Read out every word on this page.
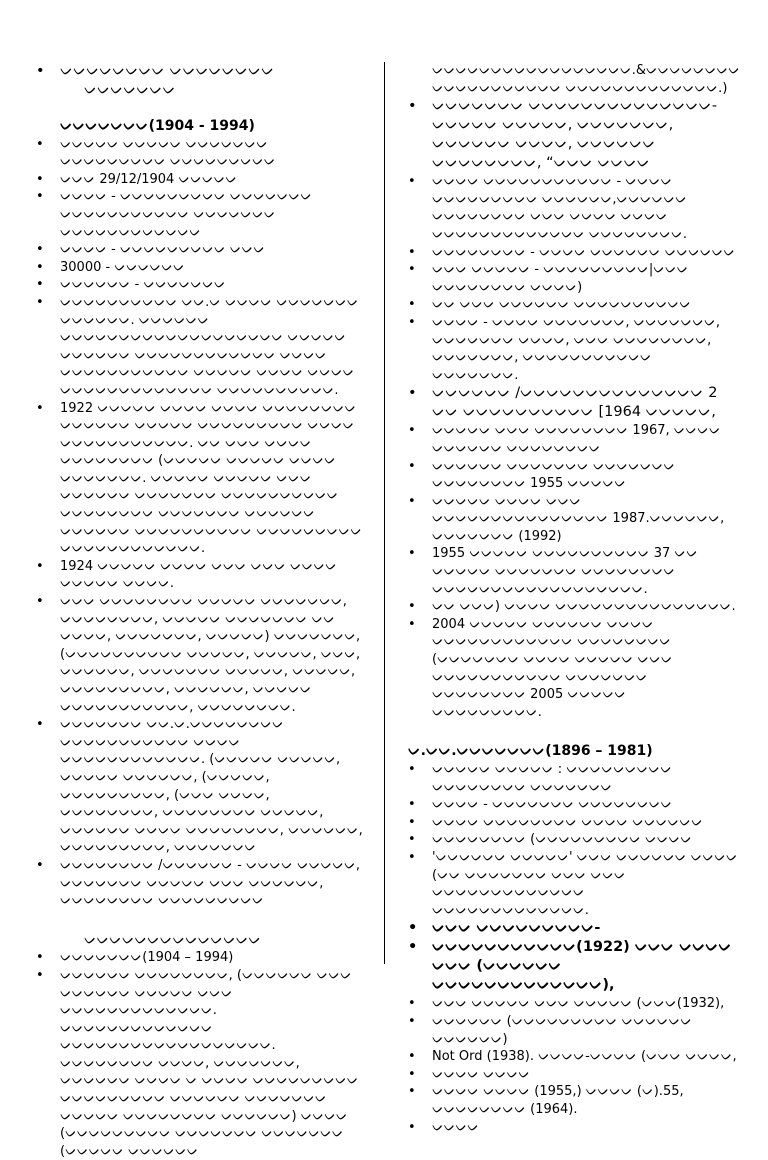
• ᨆᨆᨆᨆᨆᨆᨆᨆ ᨆᨆᨆᨆᨆᨆᨆᨆ
ᨆᨆᨆᨆᨆᨆᨆ
ᨆᨆᨆᨆᨆᨆᨆ(1904 - 1994)
• ᨆᨆᨆᨆᨆ ᨆᨆᨆᨆᨆ ᨆᨆᨆᨆᨆᨆᨆ ᨆᨆᨆᨆᨆᨆᨆᨆᨆ ᨆᨆᨆᨆᨆᨆᨆᨆᨆ
• ᨆᨆᨆ 29/12/1904 ᨆᨆᨆᨆᨆ
• ᨆᨆᨆᨆ - ᨆᨆᨆᨆᨆᨆᨆᨆᨆ ᨆᨆᨆᨆᨆᨆᨆ ᨆᨆᨆᨆᨆᨆᨆᨆᨆᨆᨆ ᨆᨆᨆᨆᨆᨆᨆ ᨆᨆᨆᨆᨆᨆᨆᨆᨆᨆᨆᨆ
• ᨆᨆᨆᨆ - ᨆᨆᨆᨆᨆᨆᨆᨆᨆ ᨆᨆᨆ
• 30000 - ᨆᨆᨆᨆᨆᨆ
• ᨆᨆᨆᨆᨆᨆ - ᨆᨆᨆᨆᨆᨆᨆ
• ᨆᨆᨆᨆᨆᨆᨆᨆᨆᨆ ᨆᨆ.ᨆ ᨆᨆᨆᨆ ᨆᨆᨆᨆᨆᨆᨆ ᨆᨆᨆᨆᨆᨆ. ᨆᨆᨆᨆᨆᨆ ᨆᨆᨆᨆᨆᨆᨆᨆᨆᨆᨆᨆᨆᨆᨆᨆᨆᨆᨆ ᨆᨆᨆᨆᨆ ᨆᨆᨆᨆᨆᨆ ᨆᨆᨆᨆᨆᨆᨆᨆᨆᨆᨆᨆ ᨆᨆᨆᨆ ᨆᨆᨆᨆᨆᨆᨆᨆᨆᨆᨆ ᨆᨆᨆᨆᨆ ᨆᨆᨆᨆ ᨆᨆᨆᨆ ᨆᨆᨆᨆᨆᨆᨆᨆᨆᨆᨆᨆᨆ ᨆᨆᨆᨆᨆᨆᨆᨆᨆᨆ.
• 1922 ᨆᨆᨆᨆᨆ ᨆᨆᨆᨆ ᨆᨆᨆᨆ ᨆᨆᨆᨆᨆᨆᨆᨆ ᨆᨆᨆᨆᨆᨆ ᨆᨆᨆᨆᨆ ᨆᨆᨆᨆᨆᨆᨆᨆᨆ ᨆᨆᨆᨆ ᨆᨆᨆᨆᨆᨆᨆᨆᨆᨆᨆ. ᨆᨆ ᨆᨆᨆ ᨆᨆᨆᨆ ᨆᨆᨆᨆᨆᨆᨆᨆ (ᨆᨆᨆᨆᨆ ᨆᨆᨆᨆᨆ ᨆᨆᨆᨆ ᨆᨆᨆᨆᨆᨆᨆ. ᨆᨆᨆᨆᨆ ᨆᨆᨆᨆᨆ ᨆᨆᨆ ᨆᨆᨆᨆᨆᨆ ᨆᨆᨆᨆᨆᨆᨆ ᨆᨆᨆᨆᨆᨆᨆᨆᨆᨆ ᨆᨆᨆᨆᨆᨆᨆᨆ ᨆᨆᨆᨆᨆᨆᨆ ᨆᨆᨆᨆᨆᨆ ᨆᨆᨆᨆᨆᨆ ᨆᨆᨆᨆᨆᨆᨆᨆᨆᨆ ᨆᨆᨆᨆᨆᨆᨆᨆᨆ ᨆᨆᨆᨆᨆᨆᨆᨆᨆᨆᨆᨆ.
• 1924 ᨆᨆᨆᨆᨆ ᨆᨆᨆᨆ ᨆᨆᨆ ᨆᨆᨆ ᨆᨆᨆᨆ ᨆᨆᨆᨆᨆ ᨆᨆᨆᨆ.
• ᨆᨆᨆ ᨆᨆᨆᨆᨆᨆᨆᨆ ᨆᨆᨆᨆᨆ ᨆᨆᨆᨆᨆᨆᨆ, ᨆᨆᨆᨆᨆᨆᨆᨆ, ᨆᨆᨆᨆᨆ ᨆᨆᨆᨆᨆᨆᨆ ᨆᨆ ᨆᨆᨆᨆ, ᨆᨆᨆᨆᨆᨆᨆ, ᨆᨆᨆᨆᨆ) ᨆᨆᨆᨆᨆᨆᨆ, (ᨆᨆᨆᨆᨆᨆᨆᨆᨆᨆ ᨆᨆᨆᨆᨆ, ᨆᨆᨆᨆᨆ, ᨆᨆᨆ, ᨆᨆᨆᨆᨆᨆ, ᨆᨆᨆᨆᨆᨆᨆ ᨆᨆᨆᨆᨆ, ᨆᨆᨆᨆᨆ, ᨆᨆᨆᨆᨆᨆᨆᨆᨆ, ᨆᨆᨆᨆᨆᨆ, ᨆᨆᨆᨆᨆ ᨆᨆᨆᨆᨆᨆᨆᨆᨆᨆᨆ, ᨆᨆᨆᨆᨆᨆᨆᨆ.
• ᨆᨆᨆᨆᨆᨆᨆ ᨆᨆ.ᨆ.ᨆᨆᨆᨆᨆᨆᨆᨆ ᨆᨆᨆᨆᨆᨆᨆᨆᨆᨆᨆ ᨆᨆᨆᨆ ᨆᨆᨆᨆᨆᨆᨆᨆᨆᨆᨆᨆ. (ᨆᨆᨆᨆᨆ ᨆᨆᨆᨆᨆ, ᨆᨆᨆᨆᨆ ᨆᨆᨆᨆᨆᨆ, (ᨆᨆᨆᨆᨆ, ᨆᨆᨆᨆᨆᨆᨆᨆᨆ, (ᨆᨆᨆ ᨆᨆᨆᨆ, ᨆᨆᨆᨆᨆᨆᨆᨆ, ᨆᨆᨆᨆᨆᨆᨆᨆ ᨆᨆᨆᨆᨆ, ᨆᨆᨆᨆᨆᨆ ᨆᨆᨆᨆ ᨆᨆᨆᨆᨆᨆᨆᨆ, ᨆᨆᨆᨆᨆᨆ, ᨆᨆᨆᨆᨆᨆᨆᨆᨆ, ᨆᨆᨆᨆᨆᨆᨆ
• ᨆᨆᨆᨆᨆᨆᨆᨆ /ᨆᨆᨆᨆᨆᨆ - ᨆᨆᨆᨆ ᨆᨆᨆᨆᨆ, ᨆᨆᨆᨆᨆᨆᨆ ᨆᨆᨆᨆᨆ ᨆᨆᨆ ᨆᨆᨆᨆᨆᨆ, ᨆᨆᨆᨆᨆᨆᨆᨆ ᨆᨆᨆᨆᨆᨆᨆᨆᨆ
ᨆᨆᨆᨆᨆᨆᨆᨆᨆᨆᨆᨆᨆᨆ
• ᨆᨆᨆᨆᨆᨆᨆ(1904 – 1994)
• ᨆᨆᨆᨆᨆᨆ ᨆᨆᨆᨆᨆᨆᨆᨆ, (ᨆᨆᨆᨆᨆᨆ ᨆᨆᨆ ᨆᨆᨆᨆᨆᨆ ᨆᨆᨆᨆᨆ ᨆᨆᨆ ᨆᨆᨆᨆᨆᨆᨆᨆᨆᨆᨆᨆᨆ. ᨆᨆᨆᨆᨆᨆᨆᨆᨆᨆᨆᨆᨆ ᨆᨆᨆᨆᨆᨆᨆᨆᨆᨆᨆᨆᨆᨆᨆᨆᨆᨆ. ᨆᨆᨆᨆᨆᨆᨆᨆ ᨆᨆᨆᨆ, ᨆᨆᨆᨆᨆᨆᨆ, ᨆᨆᨆᨆᨆᨆ ᨆᨆᨆᨆ ᨆ ᨆᨆᨆᨆ ᨆᨆᨆᨆᨆᨆᨆᨆᨆ ᨆᨆᨆᨆᨆᨆᨆᨆᨆ ᨆᨆᨆᨆᨆᨆ ᨆᨆᨆᨆᨆᨆᨆ ᨆᨆᨆᨆᨆ ᨆᨆᨆᨆᨆᨆᨆᨆ ᨆᨆᨆᨆᨆᨆ) ᨆᨆᨆᨆ (ᨆᨆᨆᨆᨆᨆᨆᨆᨆ ᨆᨆᨆᨆᨆᨆᨆ ᨆᨆᨆᨆᨆᨆᨆ (ᨆᨆᨆᨆᨆ ᨆᨆᨆᨆᨆᨆ
ᨆᨆᨆᨆᨆᨆᨆᨆᨆᨆᨆᨆᨆᨆᨆᨆᨆ.&ᨆᨆᨆᨆᨆᨆᨆᨆ ᨆᨆᨆᨆᨆᨆᨆᨆᨆᨆᨆ ᨆᨆᨆᨆᨆᨆᨆᨆᨆᨆᨆᨆᨆ.)
• ᨆᨆᨆᨆᨆᨆᨆ ᨆᨆᨆᨆᨆᨆᨆᨆᨆᨆᨆᨆᨆᨆ- ᨆᨆᨆᨆᨆ ᨆᨆᨆᨆᨆ, ᨆᨆᨆᨆᨆᨆᨆ, ᨆᨆᨆᨆᨆᨆ ᨆᨆᨆᨆ, ᨆᨆᨆᨆᨆᨆ ᨆᨆᨆᨆᨆᨆᨆᨆ, “ᨆᨆᨆ ᨆᨆᨆᨆ
• ᨆᨆᨆᨆ ᨆᨆᨆᨆᨆᨆᨆᨆᨆᨆᨆ - ᨆᨆᨆᨆ ᨆᨆᨆᨆᨆᨆᨆᨆᨆ ᨆᨆᨆᨆᨆᨆ,ᨆᨆᨆᨆᨆᨆ ᨆᨆᨆᨆᨆᨆᨆᨆ ᨆᨆᨆ ᨆᨆᨆᨆ ᨆᨆᨆᨆ ᨆᨆᨆᨆᨆᨆᨆᨆᨆᨆᨆᨆᨆ ᨆᨆᨆᨆᨆᨆᨆᨆ.
• ᨆᨆᨆᨆᨆᨆᨆᨆ - ᨆᨆᨆᨆ ᨆᨆᨆᨆᨆᨆ ᨆᨆᨆᨆᨆᨆ
• ᨆᨆᨆ ᨆᨆᨆᨆᨆ - ᨆᨆᨆᨆᨆᨆᨆᨆᨆ|ᨆᨆᨆ ᨆᨆᨆᨆᨆᨆᨆᨆ ᨆᨆᨆᨆ)
• ᨆᨆ ᨆᨆᨆ ᨆᨆᨆᨆᨆᨆ ᨆᨆᨆᨆᨆᨆᨆᨆᨆᨆ
• ᨆᨆᨆᨆ - ᨆᨆᨆᨆ ᨆᨆᨆᨆᨆᨆᨆ, ᨆᨆᨆᨆᨆᨆᨆ, ᨆᨆᨆᨆᨆᨆᨆ ᨆᨆᨆᨆ, ᨆᨆᨆ ᨆᨆᨆᨆᨆᨆᨆᨆ, ᨆᨆᨆᨆᨆᨆᨆ, ᨆᨆᨆᨆᨆᨆᨆᨆᨆᨆᨆ ᨆᨆᨆᨆᨆᨆᨆ.
• ᨆᨆᨆᨆᨆᨆ /ᨆᨆᨆᨆᨆᨆᨆᨆᨆᨆᨆᨆᨆᨆ 2 ᨆᨆ ᨆᨆᨆᨆᨆᨆᨆᨆᨆᨆ [1964 ᨆᨆᨆᨆᨆ,
• ᨆᨆᨆᨆᨆ ᨆᨆᨆ ᨆᨆᨆᨆᨆᨆᨆᨆ 1967, ᨆᨆᨆᨆ ᨆᨆᨆᨆᨆᨆ ᨆᨆᨆᨆᨆᨆᨆᨆ
• ᨆᨆᨆᨆᨆᨆ ᨆᨆᨆᨆᨆᨆᨆ ᨆᨆᨆᨆᨆᨆᨆ ᨆᨆᨆᨆᨆᨆᨆᨆ 1955 ᨆᨆᨆᨆᨆ
• ᨆᨆᨆᨆᨆ ᨆᨆᨆᨆ ᨆᨆᨆ ᨆᨆᨆᨆᨆᨆᨆᨆᨆᨆᨆᨆᨆᨆᨆ 1987.ᨆᨆᨆᨆᨆᨆ, ᨆᨆᨆᨆᨆᨆᨆ (1992)
• 1955 ᨆᨆᨆᨆᨆ ᨆᨆᨆᨆᨆᨆᨆᨆᨆᨆ 37 ᨆᨆ ᨆᨆᨆᨆᨆ ᨆᨆᨆᨆᨆᨆᨆ ᨆᨆᨆᨆᨆᨆᨆᨆ ᨆᨆᨆᨆᨆᨆᨆᨆᨆᨆᨆᨆᨆᨆᨆᨆᨆᨆ.
• ᨆᨆ ᨆᨆᨆ) ᨆᨆᨆᨆ ᨆᨆᨆᨆᨆᨆᨆᨆᨆᨆᨆᨆᨆᨆᨆ.
• 2004 ᨆᨆᨆᨆᨆ ᨆᨆᨆᨆᨆᨆ ᨆᨆᨆᨆ ᨆᨆᨆᨆᨆᨆᨆᨆᨆᨆᨆᨆ ᨆᨆᨆᨆᨆᨆᨆᨆ (ᨆᨆᨆᨆᨆᨆᨆ ᨆᨆᨆᨆ ᨆᨆᨆᨆᨆ ᨆᨆᨆ ᨆᨆᨆᨆᨆᨆᨆᨆᨆᨆᨆ ᨆᨆᨆᨆᨆᨆᨆ ᨆᨆᨆᨆᨆᨆᨆᨆ 2005 ᨆᨆᨆᨆᨆ ᨆᨆᨆᨆᨆᨆᨆᨆᨆ.
ᨆ.ᨆᨆ.ᨆᨆᨆᨆᨆᨆᨆ(1896 – 1981)
• ᨆᨆᨆᨆᨆ ᨆᨆᨆᨆᨆ : ᨆᨆᨆᨆᨆᨆᨆᨆᨆ ᨆᨆᨆᨆᨆᨆᨆᨆ ᨆᨆᨆᨆᨆᨆᨆ
• ᨆᨆᨆᨆ - ᨆᨆᨆᨆᨆᨆᨆ ᨆᨆᨆᨆᨆᨆᨆᨆ
• ᨆᨆᨆᨆ ᨆᨆᨆᨆᨆᨆᨆᨆ ᨆᨆᨆᨆ ᨆᨆᨆᨆᨆᨆ
• ᨆᨆᨆᨆᨆᨆᨆᨆ (ᨆᨆᨆᨆᨆᨆᨆᨆᨆ ᨆᨆᨆᨆ
• 'ᨆᨆᨆᨆᨆᨆ ᨆᨆᨆᨆᨆ' ᨆᨆᨆ ᨆᨆᨆᨆᨆᨆ ᨆᨆᨆᨆ (ᨆᨆ ᨆᨆᨆᨆᨆᨆᨆ ᨆᨆᨆ ᨆᨆᨆ ᨆᨆᨆᨆᨆᨆᨆᨆᨆᨆᨆᨆᨆ ᨆᨆᨆᨆᨆᨆᨆᨆᨆᨆᨆᨆᨆ.
• ᨆᨆᨆ ᨆᨆᨆᨆᨆᨆᨆᨆᨆ-
• ᨆᨆᨆᨆᨆᨆᨆᨆᨆᨆᨆ(1922) ᨆᨆᨆ ᨆᨆᨆᨆ ᨆᨆᨆ (ᨆᨆᨆᨆᨆᨆ ᨆᨆᨆᨆᨆᨆᨆᨆᨆᨆᨆᨆᨆ),
• ᨆᨆᨆ ᨆᨆᨆᨆᨆ ᨆᨆᨆ ᨆᨆᨆᨆᨆ (ᨆᨆᨆ(1932),
• ᨆᨆᨆᨆᨆᨆ (ᨆᨆᨆᨆᨆᨆᨆᨆᨆ ᨆᨆᨆᨆᨆᨆ ᨆᨆᨆᨆᨆᨆ)
• Not Ord (1938). ᨆᨆᨆᨆ-ᨆᨆᨆᨆ (ᨆᨆᨆ ᨆᨆᨆᨆ,
• ᨆᨆᨆᨆ ᨆᨆᨆᨆ
• ᨆᨆᨆᨆ ᨆᨆᨆᨆ (1955,) ᨆᨆᨆᨆ (ᨆ).55, ᨆᨆᨆᨆᨆᨆᨆᨆ (1964).
• ᨆᨆᨆᨆ
